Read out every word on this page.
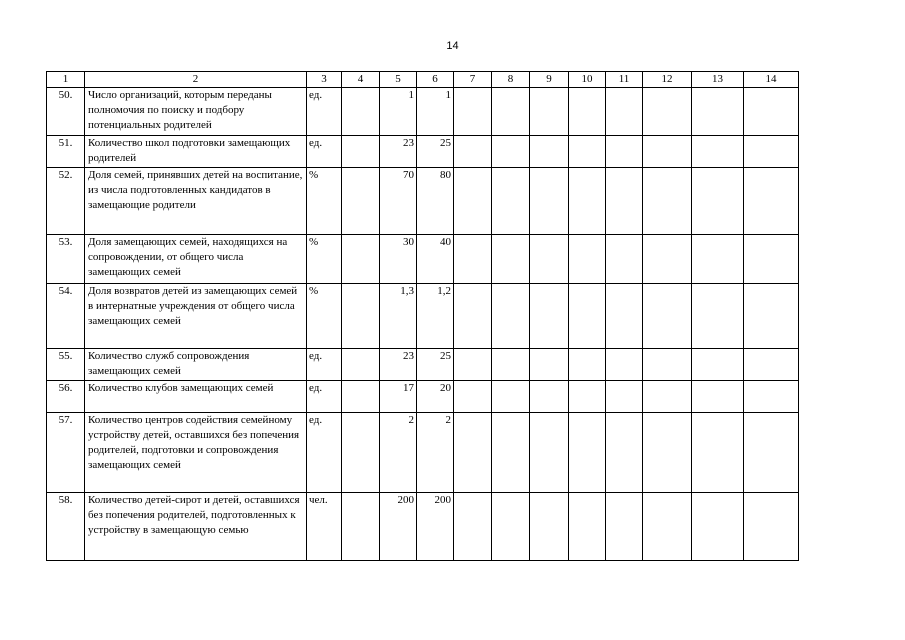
14
1	2	3	4	5	6	7	8	9	10	11	12	13	14
50.	Число организаций, которым переданы полномочия по поиску и подбору потенциальных родителей	ед.		1	1								
51.	Количество школ подготовки замещающих родителей	ед.		23	25								
52.	Доля семей, принявших детей на воспитание, из числа подготовленных кандидатов в замещающие родители	%		70	80								
53.	Доля замещающих семей, находящихся на сопровождении, от общего числа замещающих семей	%		30	40								
54.	Доля возвратов детей из замещающих семей в интернатные учреждения от общего числа замещающих семей	%		1,3	1,2								
55.	Количество служб сопровождения замещающих семей	ед.		23	25								
56.	Количество клубов замещающих семей	ед.		17	20								
57.	Количество центров содействия семейному устройству детей, оставшихся без попечения родителей, подготовки и сопровождения замещающих семей	ед.		2	2								
58.	Количество детей-сирот и детей, оставшихся без попечения родителей, подготовленных к устройству в замещающую семью	чел.		200	200								
